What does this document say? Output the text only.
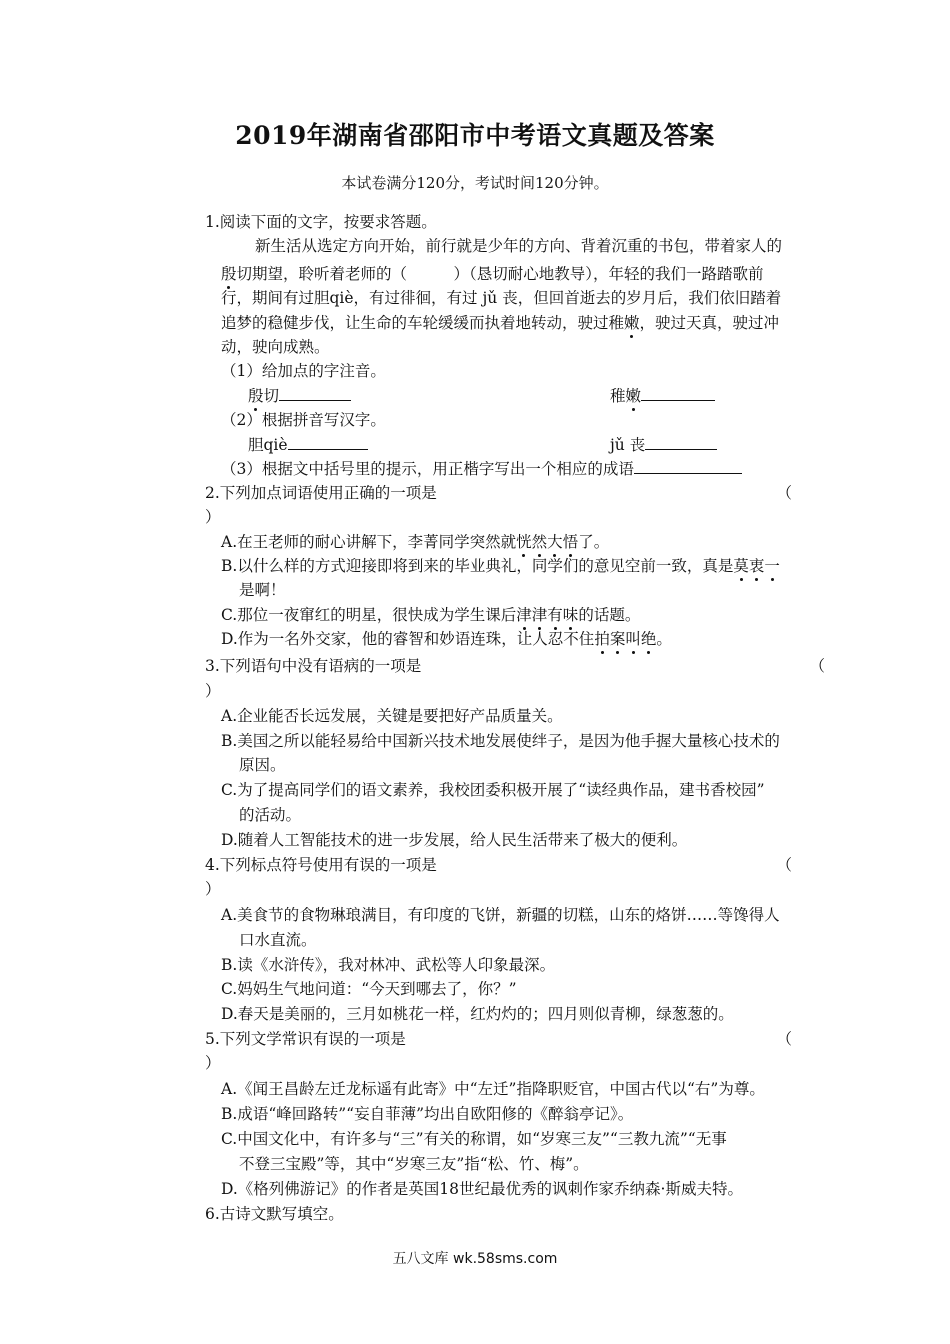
2019年湖南省邵阳市中考语文真题及答案
本试卷满分120分，考试时间120分钟。
1.阅读下面的文字，按要求答题。
新生活从选定方向开始，前行就是少年的方向、背着沉重的书包，带着家人的
殷切期望，聆听着老师的（　　　）（恳切耐心地教导），年轻的我们一路踏歌前
行，期间有过胆qiè，有过徘徊，有过 jǔ 丧，但回首逝去的岁月后，我们依旧踏着
追梦的稳健步伐，让生命的车轮缓缓而执着地转动，驶过稚嫩，驶过天真，驶过冲
动，驶向成熟。
（1）给加点的字注音。
殷切	稚嫩
（2）根据拼音写汉字。
胆qiè	jǔ 丧
（3）根据文中括号里的提示，用正楷字写出一个相应的成语
2.下列加点词语使用正确的一项是	（
）
A.在王老师的耐心讲解下，李菁同学突然就恍然大悟了。
B.以什么样的方式迎接即将到来的毕业典礼，同学们的意见空前一致，真是莫衷一
是啊！
C.那位一夜窜红的明星，很快成为学生课后津津有味的话题。
D.作为一名外交家，他的睿智和妙语连珠，让人忍不住拍案叫绝。
3.下列语句中没有语病的一项是	（
）
A.企业能否长远发展，关键是要把好产品质量关。
B.美国之所以能轻易给中国新兴技术地发展使绊子，是因为他手握大量核心技术的
原因。
C.为了提高同学们的语文素养，我校团委积极开展了“读经典作品，建书香校园”
的活动。
D.随着人工智能技术的进一步发展，给人民生活带来了极大的便利。
4.下列标点符号使用有误的一项是	（
）
A.美食节的食物琳琅满目，有印度的飞饼，新疆的切糕，山东的烙饼……等馋得人
口水直流。
B.读《水浒传》，我对林冲、武松等人印象最深。
C.妈妈生气地问道：“今天到哪去了，你？”
D.春天是美丽的，三月如桃花一样，红灼灼的；四月则似青柳，绿葱葱的。
5.下列文学常识有误的一项是	（
）
A.《闻王昌龄左迁龙标遥有此寄》中“左迁”指降职贬官，中国古代以“右”为尊。
B.成语“峰回路转”“妄自菲薄”均出自欧阳修的《醉翁亭记》。
C.中国文化中，有许多与“三”有关的称谓，如“岁寒三友”“三教九流”“无事
不登三宝殿”等，其中“岁寒三友”指“松、竹、梅”。
D.《格列佛游记》的作者是英国18世纪最优秀的讽刺作家乔纳森·斯威夫特。
6.古诗文默写填空。
五八文库 wk.58sms.com
